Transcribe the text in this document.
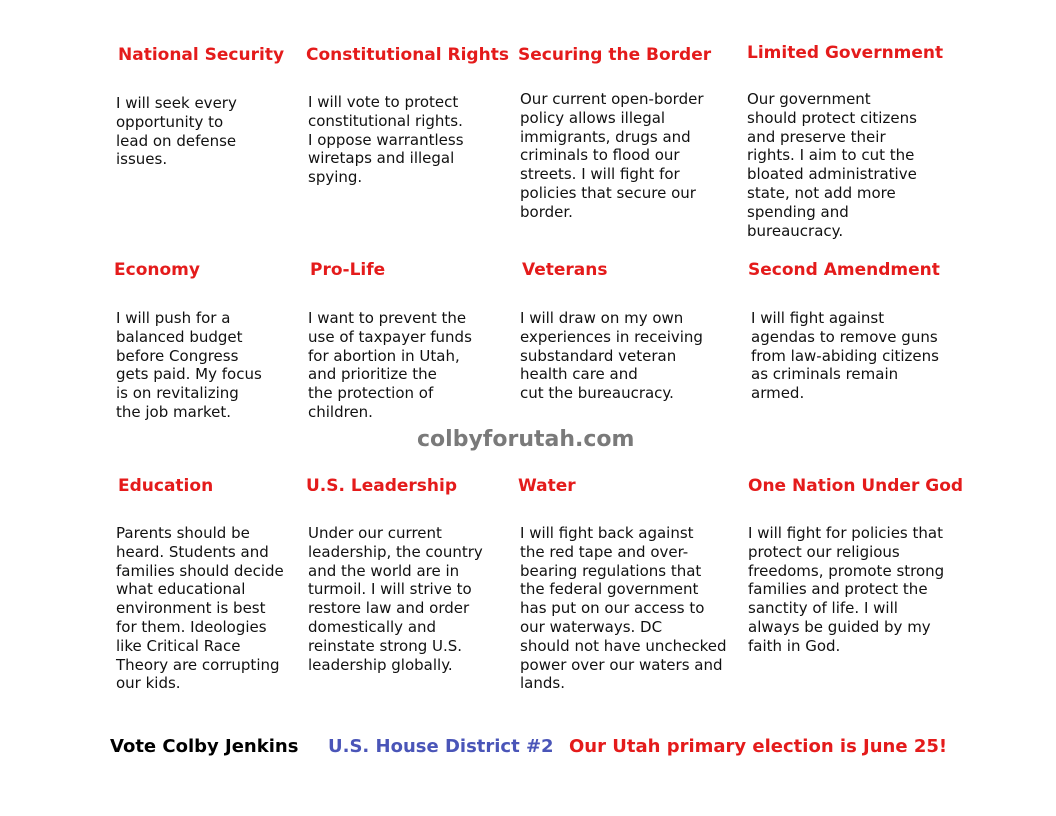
National Security Constitutional Rights Securing the Border Limited Government
I will seek every
opportunity to
lead on defense
issues.
I will vote to protect
constitutional rights.
I oppose warrantless
wiretaps and illegal
spying.
Our current open-border
policy allows illegal
immigrants, drugs and
criminals to flood our
streets. I will fight for
policies that secure our
border.
Our government
should protect citizens
and preserve their
rights. I aim to cut the
bloated administrative
state, not add more
spending and
bureaucracy.
Economy	Pro-Life	Veterans	Second Amendment
I will push for a
balanced budget
before Congress
gets paid. My focus
is on revitalizing
the job market.
I want to prevent the
use of taxpayer funds
for abortion in Utah,
and prioritize the
the protection of
children.
I will draw on my own
experiences in receiving
substandard veteran
health care and
cut the bureaucracy.
I will fight against
agendas to remove guns
from law-abiding citizens
as criminals remain
armed.
colbyforutah.com
Education	U.S. Leadership	Water	One Nation Under God
Parents should be
heard. Students and
families should decide
what educational
environment is best
for them. Ideologies
like Critical Race
Theory are corrupting
our kids.
Under our current
leadership, the country
and the world are in
turmoil. I will strive to
restore law and order
domestically and
reinstate strong U.S.
leadership globally.
I will fight back against
the red tape and over-
bearing regulations that
the federal government
has put on our access to
our waterways. DC
should not have unchecked
power over our waters and
lands.
I will fight for policies that
protect our religious
freedoms, promote strong
families and protect the
sanctity of life. I will
always be guided by my
faith in God.
Vote Colby Jenkins U.S. House District #2 Our Utah primary election is June 25!
